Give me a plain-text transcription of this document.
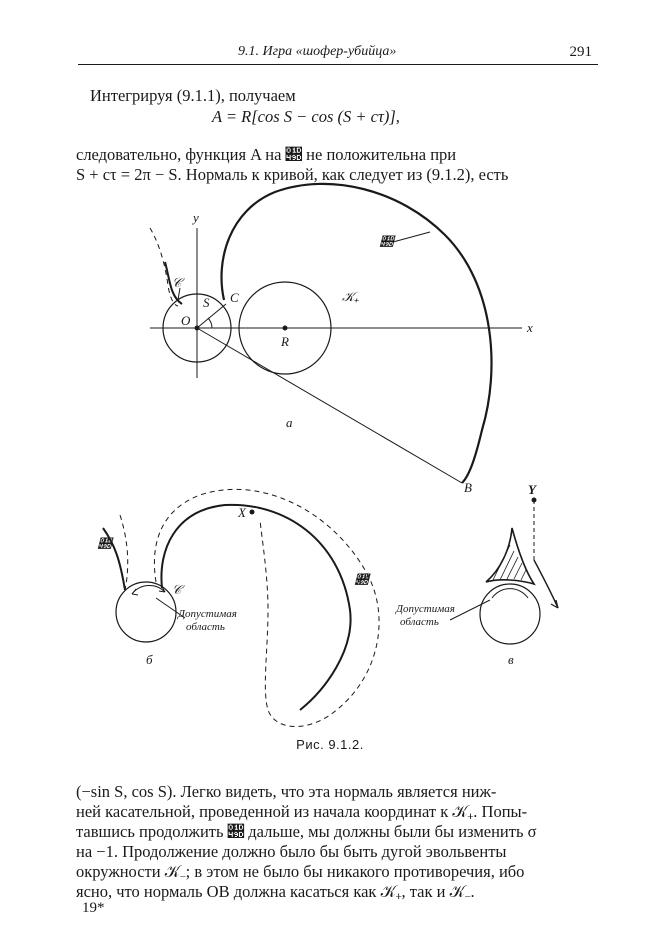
9.1. Игра «шофер-убийца»	291
Интегрируя (9.1.1), получаем
A = R[cos S − cos (S + cτ)],
следовательно, функция A на 𝒝 не положительна при
S + cτ = 2π − S. Нормаль к кривой, как следует из (9.1.2), есть
y
x
O
S C
R
B
𝒝
𝒞
𝒦₊
а
𝒝
𝒝
𝒞
X
Допустимая
область
б
Y
Допустимая
область
в
Рис. 9.1.2.
(−sin S, cos S). Легко видеть, что эта нормаль является ниж-
ней касательной, проведенной из начала координат к 𝒦₊. Попы-
тавшись продолжить 𝒝 дальше, мы должны были бы изменить σ
на −1. Продолжение должно было бы быть дугой эвольвенты
окружности 𝒦₋; в этом не было бы никакого противоречия, ибо
ясно, что нормаль OB должна касаться как 𝒦₊, так и 𝒦₋.
19*
